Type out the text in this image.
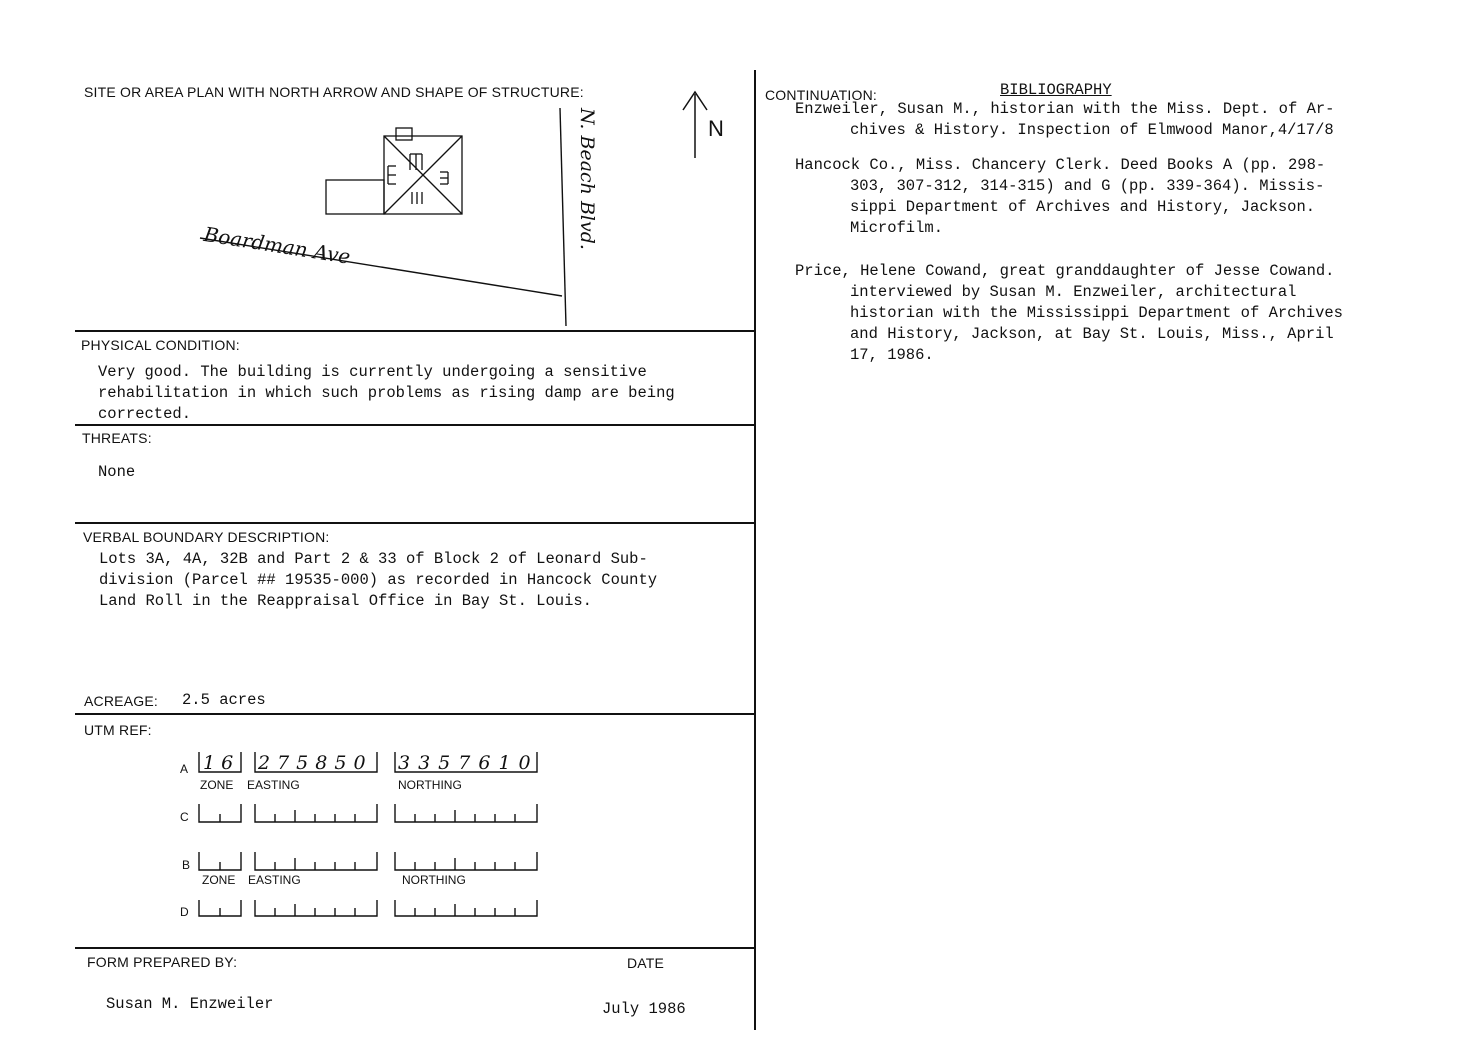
SITE OR AREA PLAN WITH NORTH ARROW AND SHAPE OF STRUCTURE:
N
Boardman Ave	N. Beach Blvd.
PHYSICAL CONDITION:
Very good. The building is currently undergoing a sensitive
rehabilitation in which such problems as rising damp are being
corrected.
THREATS:
None
VERBAL BOUNDARY DESCRIPTION:
Lots 3A, 4A, 32B and Part 2 & 33 of Block 2 of Leonard Sub-
division (Parcel ## 19535-000) as recorded in Hancock County
Land Roll in the Reappraisal Office in Bay St. Louis.
ACREAGE: 2.5 acres
UTM REF:
A 16 275850 3357610
ZONE EASTING	NORTHING
C
B
ZONE EASTING	NORTHING
D
FORM PREPARED BY:	DATE
Susan M. Enzweiler	July 1986
CONTINUATION:	BIBLIOGRAPHY
Enzweiler, Susan M., historian with the Miss. Dept. of Ar-
chives & History. Inspection of Elmwood Manor,4/17/8
Hancock Co., Miss. Chancery Clerk. Deed Books A (pp. 298-
303, 307-312, 314-315) and G (pp. 339-364). Missis-
sippi Department of Archives and History, Jackson.
Microfilm.
Price, Helene Cowand, great granddaughter of Jesse Cowand.
interviewed by Susan M. Enzweiler, architectural
historian with the Mississippi Department of Archives
and History, Jackson, at Bay St. Louis, Miss., April
17, 1986.
